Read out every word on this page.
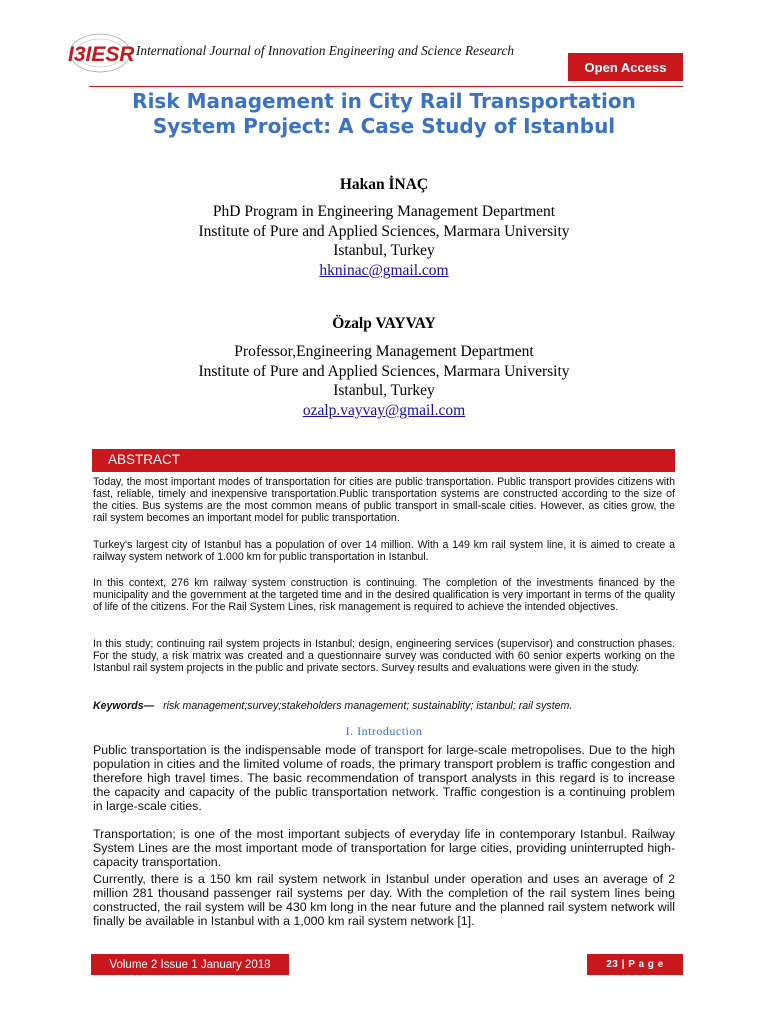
I3IESR International Journal of Innovation Engineering and Science Research
Open Access
Risk Management in City Rail Transportation
System Project: A Case Study of Istanbul
Hakan İNAÇ
PhD Program in Engineering Management Department
Institute of Pure and Applied Sciences, Marmara University
Istanbul, Turkey
hkninac@gmail.com
Özalp VAYVAY
Professor,Engineering Management Department
Institute of Pure and Applied Sciences, Marmara University
Istanbul, Turkey
ozalp.vayvay@gmail.com
ABSTRACT
Today, the most important modes of transportation for cities are public transportation. Public transport provides citizens with fast, reliable, timely and inexpensive transportation.Public transportation systems are constructed according to the size of the cities. Bus systems are the most common means of public transport in small-scale cities. However, as cities grow, the rail system becomes an important model for public transportation.
Turkey's largest city of Istanbul has a population of over 14 million. With a 149 km rail system line, it is aimed to create a railway system network of 1.000 km for public transportation in Istanbul.
In this context, 276 km railway system construction is continuing. The completion of the investments financed by the municipality and the government at the targeted time and in the desired qualification is very important in terms of the quality of life of the citizens. For the Rail System Lines, risk management is required to achieve the intended objectives.
In this study; continuing rail system projects in Istanbul; design, engineering services (supervisor) and construction phases. For the study, a risk matrix was created and a questionnaire survey was conducted with 60 senior experts working on the Istanbul rail system projects in the public and private sectors. Survey results and evaluations were given in the study.
Keywords— risk management;survey;stakeholders management; sustainablity; istanbul; rail system.
I. Introduction
Public transportation is the indispensable mode of transport for large-scale metropolises. Due to the high population in cities and the limited volume of roads, the primary transport problem is traffic congestion and therefore high travel times. The basic recommendation of transport analysts in this regard is to increase the capacity and capacity of the public transportation network. Traffic congestion is a continuing problem in large-scale cities.
Transportation; is one of the most important subjects of everyday life in contemporary Istanbul. Railway System Lines are the most important mode of transportation for large cities, providing uninterrupted high-capacity transportation.
Currently, there is a 150 km rail system network in Istanbul under operation and uses an average of 2 million 281 thousand passenger rail systems per day. With the completion of the rail system lines being constructed, the rail system will be 430 km long in the near future and the planned rail system network will finally be available in Istanbul with a 1,000 km rail system network [1].
Volume 2 Issue 1 January 2018	23 | P a g e
